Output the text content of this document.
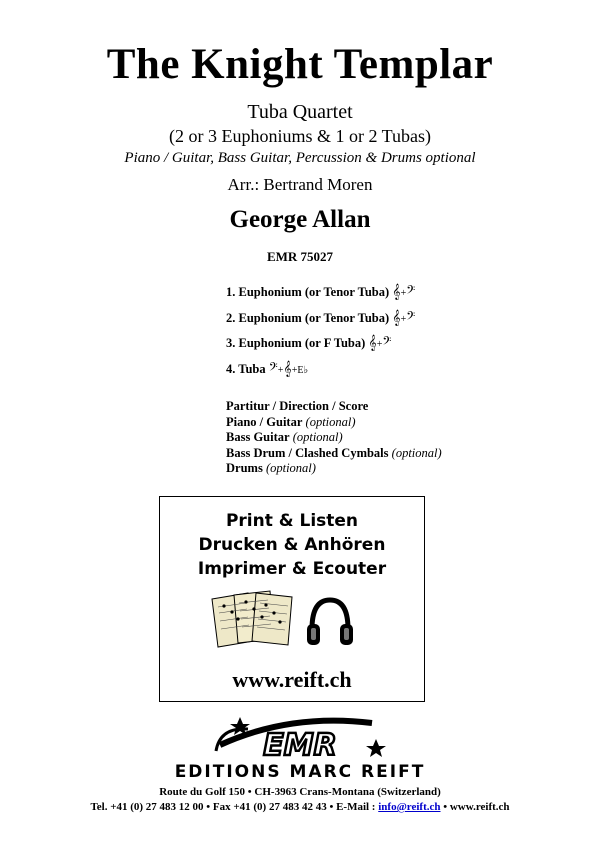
The Knight Templar
Tuba Quartet
(2 or 3 Euphoniums & 1 or 2 Tubas)
Piano / Guitar, Bass Guitar, Percussion & Drums optional
Arr.: Bertrand Moren
George Allan
EMR 75027
1. Euphonium (or Tenor Tuba) 𝄞+𝄢
2. Euphonium (or Tenor Tuba) 𝄞+𝄢
3. Euphonium (or F Tuba) 𝄞+𝄢
4. Tuba 𝄢+𝄞+E♭
Partitur / Direction / Score
Piano / Guitar (optional)
Bass Guitar (optional)
Bass Drum / Clashed Cymbals (optional)
Drums (optional)
Print & Listen
Drucken & Anhören
Imprimer & Ecouter
www.reift.ch
EMR
EDITIONS MARC REIFT
Route du Golf 150 • CH-3963 Crans-Montana (Switzerland)
Tel. +41 (0) 27 483 12 00 • Fax +41 (0) 27 483 42 43 • E-Mail : info@reift.ch • www.reift.ch
